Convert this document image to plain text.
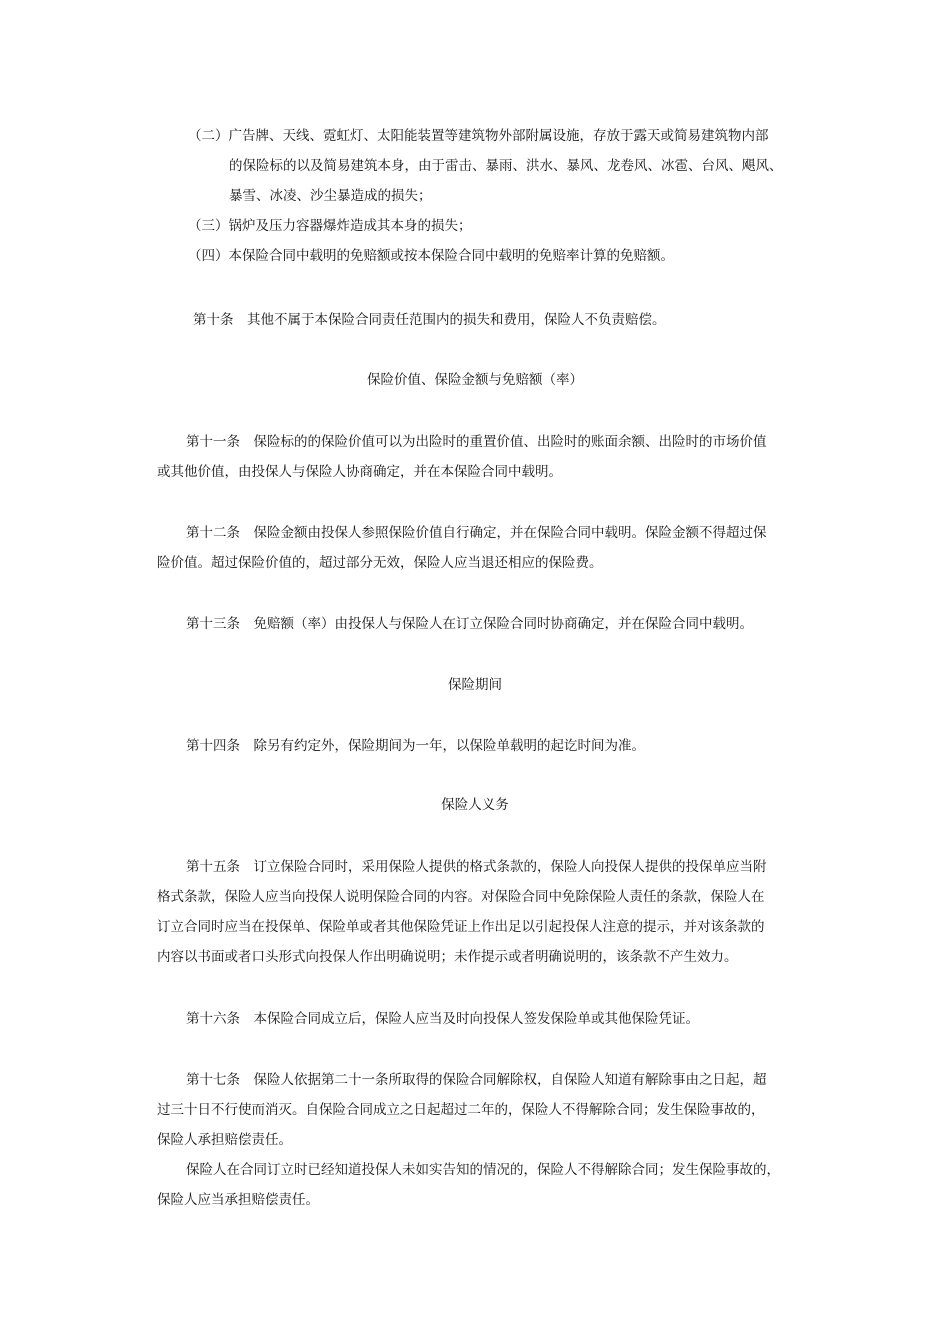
（二）广告牌、天线、霓虹灯、太阳能装置等建筑物外部附属设施，存放于露天或简易建筑物内部
的保险标的以及简易建筑本身，由于雷击、暴雨、洪水、暴风、龙卷风、冰雹、台风、飓风、
暴雪、冰凌、沙尘暴造成的损失；
（三）锅炉及压力容器爆炸造成其本身的损失；
（四）本保险合同中载明的免赔额或按本保险合同中载明的免赔率计算的免赔额。
第十条　其他不属于本保险合同责任范围内的损失和费用，保险人不负责赔偿。
保险价值、保险金额与免赔额（率）
第十一条　保险标的的保险价值可以为出险时的重置价值、出险时的账面余额、出险时的市场价值
或其他价值，由投保人与保险人协商确定，并在本保险合同中载明。
第十二条　保险金额由投保人参照保险价值自行确定，并在保险合同中载明。保险金额不得超过保
险价值。超过保险价值的，超过部分无效，保险人应当退还相应的保险费。
第十三条　免赔额（率）由投保人与保险人在订立保险合同时协商确定，并在保险合同中载明。
保险期间
第十四条　除另有约定外，保险期间为一年，以保险单载明的起讫时间为准。
保险人义务
第十五条　订立保险合同时，采用保险人提供的格式条款的，保险人向投保人提供的投保单应当附
格式条款，保险人应当向投保人说明保险合同的内容。对保险合同中免除保险人责任的条款，保险人在
订立合同时应当在投保单、保险单或者其他保险凭证上作出足以引起投保人注意的提示，并对该条款的
内容以书面或者口头形式向投保人作出明确说明；未作提示或者明确说明的，该条款不产生效力。
第十六条　本保险合同成立后，保险人应当及时向投保人签发保险单或其他保险凭证。
第十七条　保险人依据第二十一条所取得的保险合同解除权，自保险人知道有解除事由之日起，超
过三十日不行使而消灭。自保险合同成立之日起超过二年的，保险人不得解除合同；发生保险事故的，
保险人承担赔偿责任。
保险人在合同订立时已经知道投保人未如实告知的情况的，保险人不得解除合同；发生保险事故的，
保险人应当承担赔偿责任。
